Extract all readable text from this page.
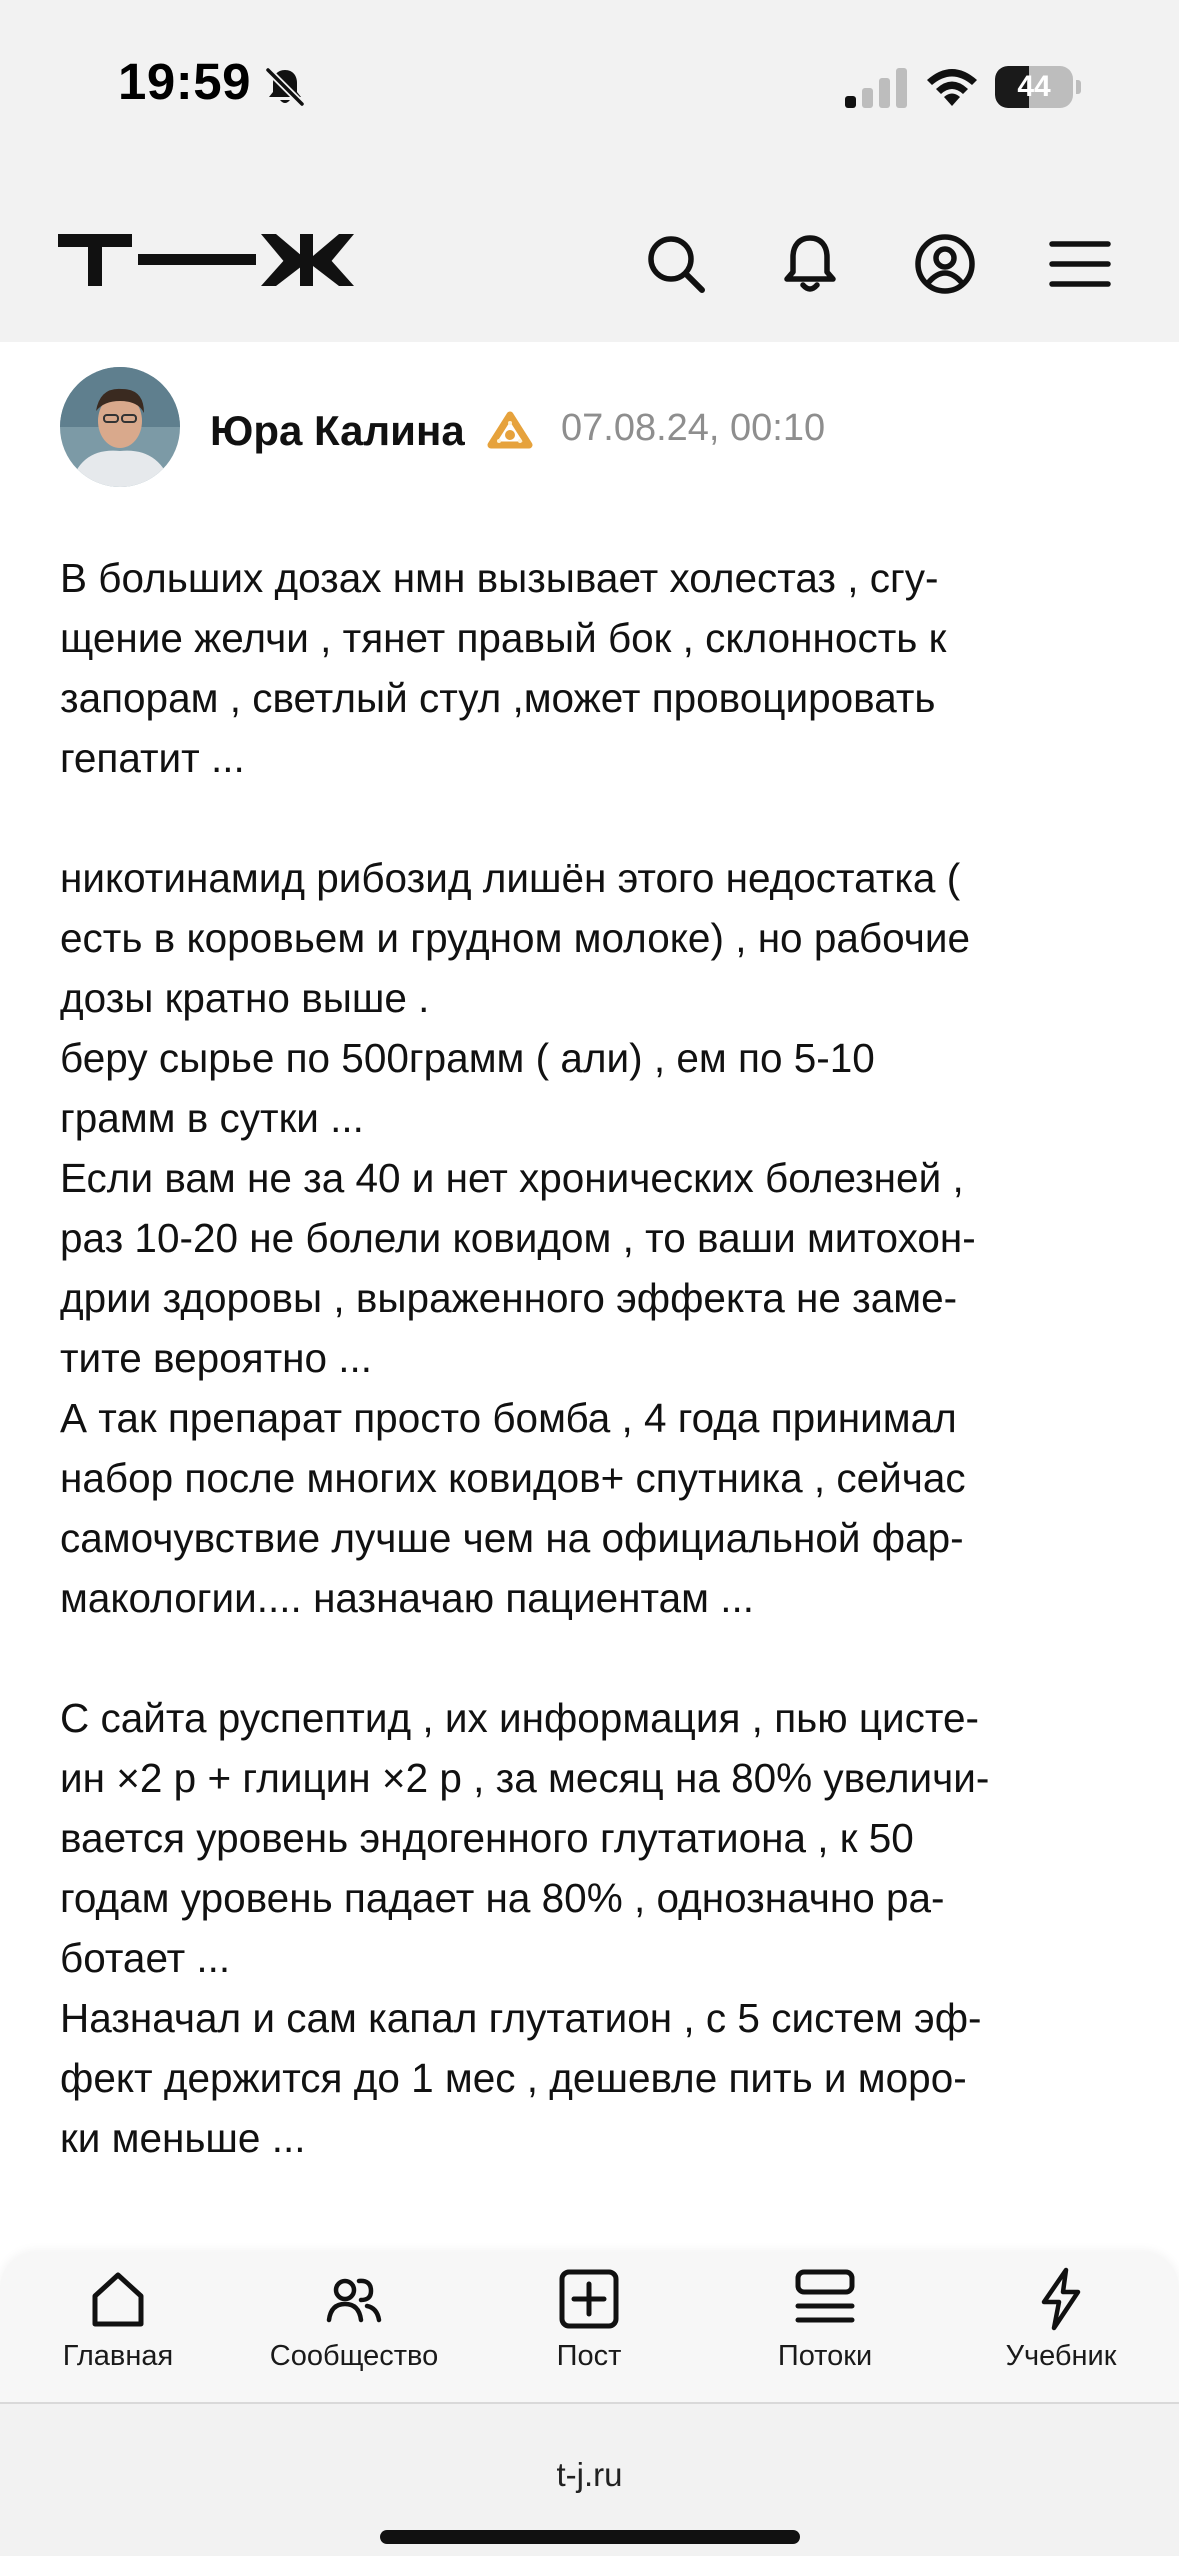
19:59	44
Юра Калина	07.08.24, 00:10

В больших дозах нмн вызывает холестаз , сгу-

щение желчи , тянет правый бок , склонность к

запорам , светлый стул ,может провоцировать

гепатит ...

никотинамид рибозид лишён этого недостатка (

есть в коровьем и грудном молоке) , но рабочие

дозы кратно выше .

беру сырье по 500грамм ( али) , ем по 5-10

грамм в сутки ...

Если вам не за 40 и нет хронических болезней ,

раз 10-20 не болели ковидом , то ваши митохон-

дрии здоровы , выраженного эффекта не заме-

тите вероятно ...

А так препарат просто бомба , 4 года принимал

набор после многих ковидов+ спутника , сейчас

самочувствие лучше чем на официальной фар-

макологии.... назначаю пациентам ...

С сайта руспептид , их информация , пью цисте-

ин ×2 р + глицин ×2 р , за месяц на 80% увеличи-

вается уровень эндогенного глутатиона , к 50

годам уровень падает на 80% , однозначно ра-

ботает ...

Назначал и сам капал глутатион , с 5 систем эф-

фект держится до 1 мес , дешевле пить и моро-

ки меньше ...

Главная	Сообщество	Пост	Потоки	Учебник
t-j.ru
